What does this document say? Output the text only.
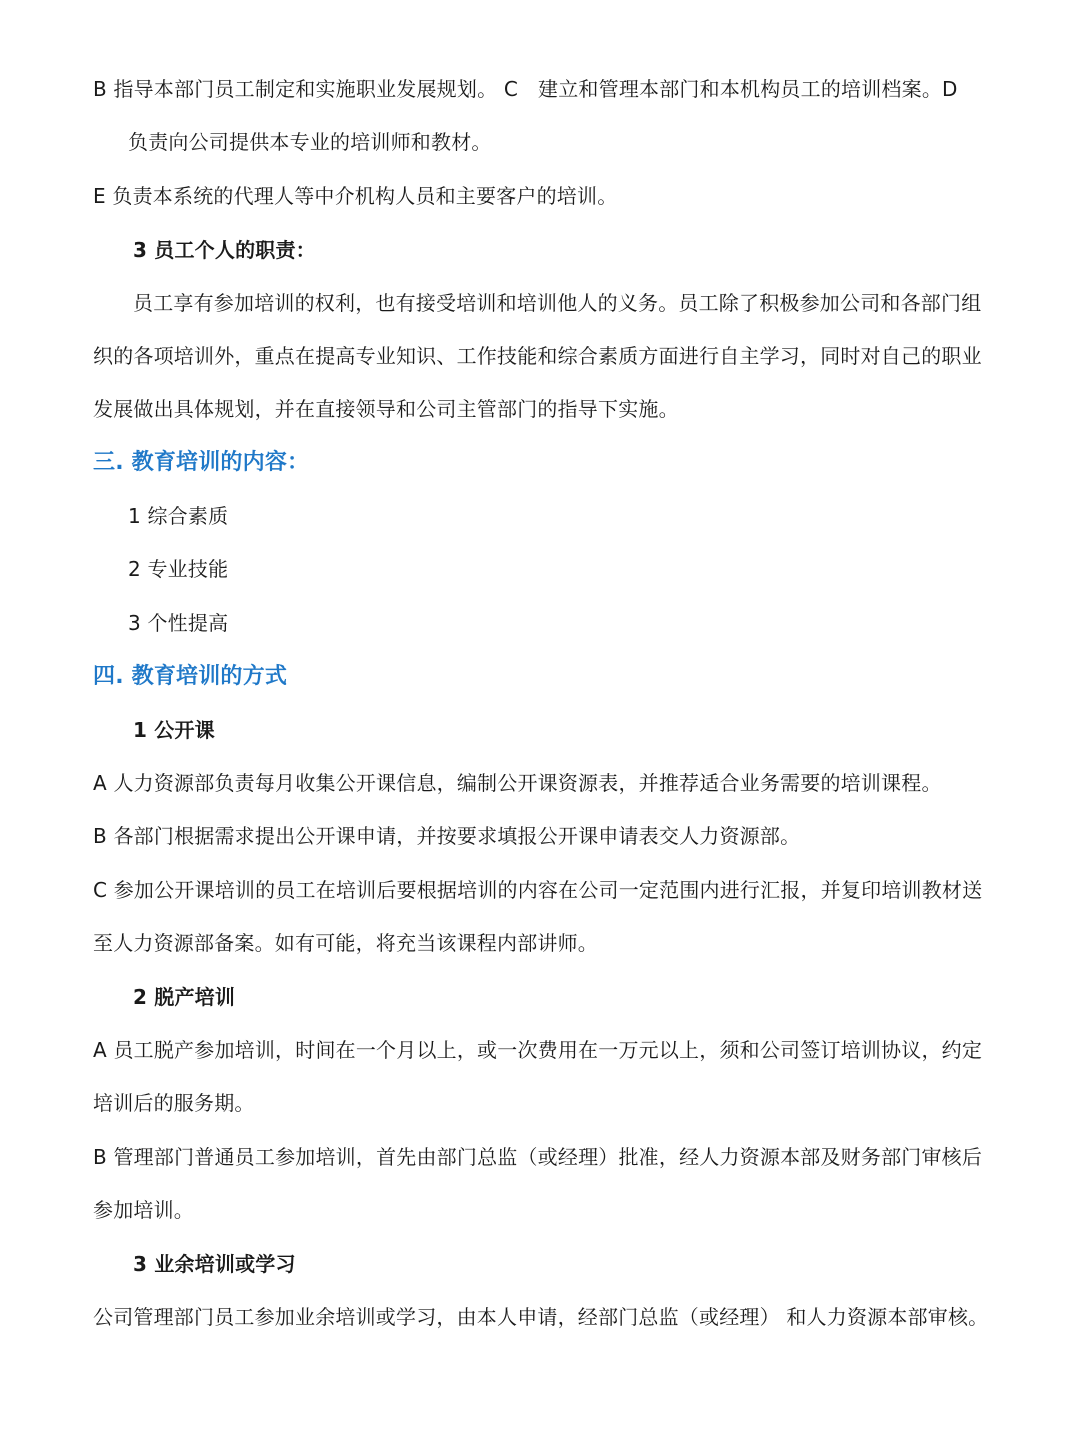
B 指导本部门员工制定和实施职业发展规划。 C 建立和管理本部门和本机构员工的培训档案。D
负责向公司提供本专业的培训师和教材。
E 负责本系统的代理人等中介机构人员和主要客户的培训。
3 员工个人的职责：
员工享有参加培训的权利，也有接受培训和培训他人的义务。员工除了积极参加公司和各部门组
织的各项培训外，重点在提高专业知识、工作技能和综合素质方面进行自主学习，同时对自己的职业
发展做出具体规划，并在直接领导和公司主管部门的指导下实施。
三. 教育培训的内容：
1 综合素质
2 专业技能
3 个性提高
四. 教育培训的方式
1 公开课
A 人力资源部负责每月收集公开课信息，编制公开课资源表，并推荐适合业务需要的培训课程。
B 各部门根据需求提出公开课申请，并按要求填报公开课申请表交人力资源部。
C 参加公开课培训的员工在培训后要根据培训的内容在公司一定范围内进行汇报，并复印培训教材送
至人力资源部备案。如有可能，将充当该课程内部讲师。
2 脱产培训
A 员工脱产参加培训，时间在一个月以上，或一次费用在一万元以上，须和公司签订培训协议，约定
培训后的服务期。
B 管理部门普通员工参加培训，首先由部门总监（或经理）批准，经人力资源本部及财务部门审核后
参加培训。
3 业余培训或学习
公司管理部门员工参加业余培训或学习，由本人申请，经部门总监（或经理） 和人力资源本部审核。
